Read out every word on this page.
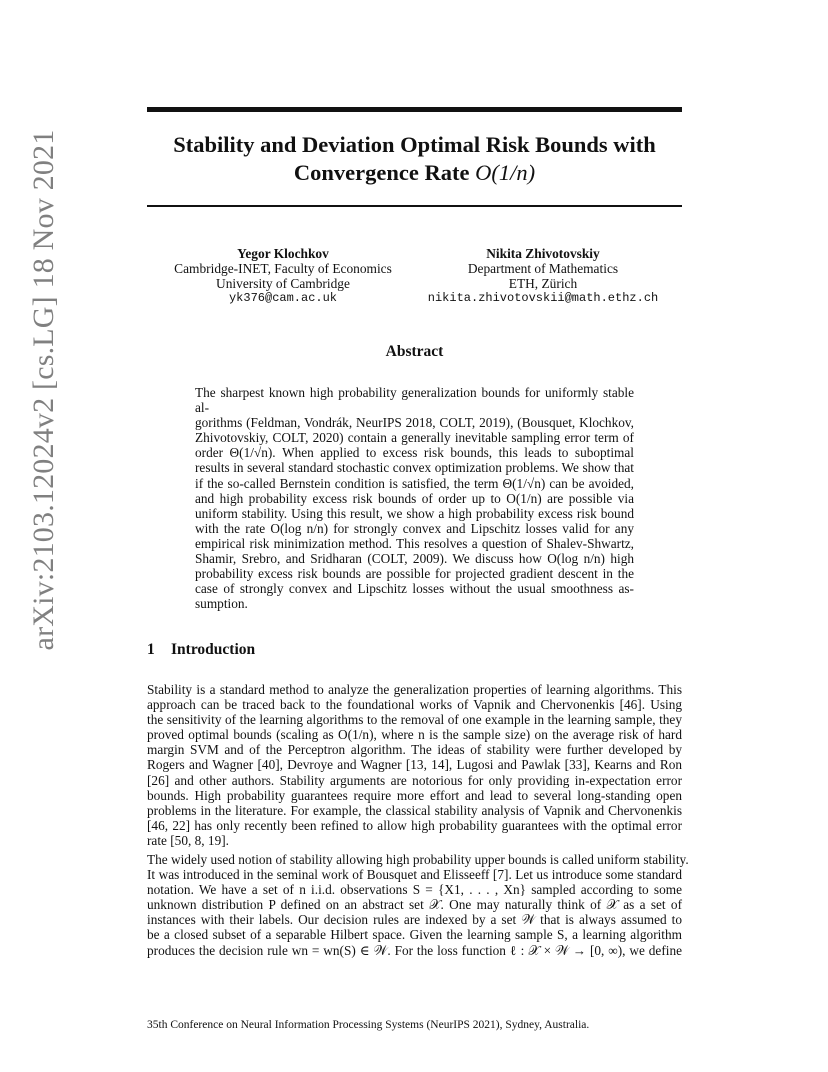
arXiv:2103.12024v2 [cs.LG] 18 Nov 2021	Stability and Deviation Optimal Risk Bounds with
Convergence Rate O(1/n)
Yegor Klochkov
Cambridge-INET, Faculty of Economics
University of Cambridge
yk376@cam.ac.uk
Nikita Zhivotovskiy
Department of Mathematics
ETH, Zürich
nikita.zhivotovskii@math.ethz.ch
Abstract
The sharpest known high probability generalization bounds for uniformly stable al-
gorithms (Feldman, Vondrák, NeurIPS 2018, COLT, 2019), (Bousquet, Klochkov,
Zhivotovskiy, COLT, 2020) contain a generally inevitable sampling error term of
order Θ(1/√n). When applied to excess risk bounds, this leads to suboptimal
results in several standard stochastic convex optimization problems. We show that
if the so-called Bernstein condition is satisfied, the term Θ(1/√n) can be avoided,
and high probability excess risk bounds of order up to O(1/n) are possible via
uniform stability. Using this result, we show a high probability excess risk bound
with the rate O(log n/n) for strongly convex and Lipschitz losses valid for any
empirical risk minimization method. This resolves a question of Shalev-Shwartz,
Shamir, Srebro, and Sridharan (COLT, 2009). We discuss how O(log n/n) high
probability excess risk bounds are possible for projected gradient descent in the
case of strongly convex and Lipschitz losses without the usual smoothness as-
sumption.
1 Introduction
Stability is a standard method to analyze the generalization properties of learning algorithms. This
approach can be traced back to the foundational works of Vapnik and Chervonenkis [46]. Using
the sensitivity of the learning algorithms to the removal of one example in the learning sample, they
proved optimal bounds (scaling as O(1/n), where n is the sample size) on the average risk of hard
margin SVM and of the Perceptron algorithm. The ideas of stability were further developed by
Rogers and Wagner [40], Devroye and Wagner [13, 14], Lugosi and Pawlak [33], Kearns and Ron
[26] and other authors. Stability arguments are notorious for only providing in-expectation error
bounds. High probability guarantees require more effort and lead to several long-standing open
problems in the literature. For example, the classical stability analysis of Vapnik and Chervonenkis
[46, 22] has only recently been refined to allow high probability guarantees with the optimal error
rate [50, 8, 19].
The widely used notion of stability allowing high probability upper bounds is called uniform stability.
It was introduced in the seminal work of Bousquet and Elisseeff [7]. Let us introduce some standard
notation. We have a set of n i.i.d. observations S = {X1, . . . , Xn} sampled according to some
unknown distribution P defined on an abstract set 𝒳. One may naturally think of 𝒳 as a set of
instances with their labels. Our decision rules are indexed by a set 𝒲 that is always assumed to
be a closed subset of a separable Hilbert space. Given the learning sample S, a learning algorithm
produces the decision rule wn = wn(S) ∈ 𝒲. For the loss function ℓ : 𝒳 × 𝒲 → [0, ∞), we define
35th Conference on Neural Information Processing Systems (NeurIPS 2021), Sydney, Australia.
